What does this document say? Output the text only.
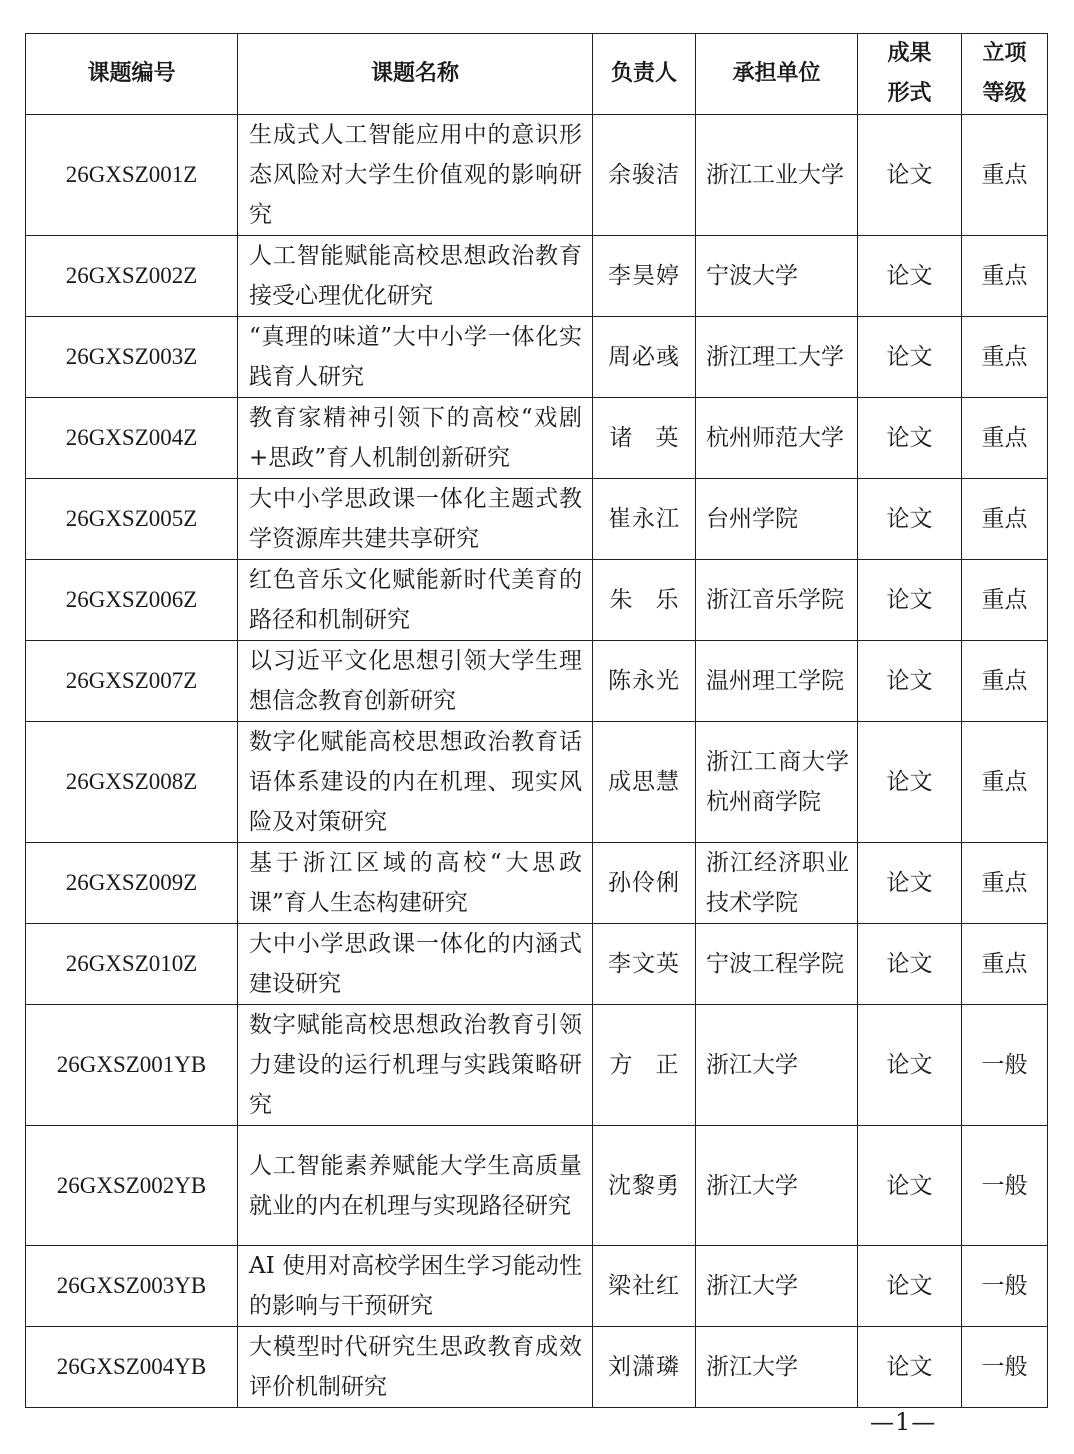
课题编号	课题名称	负责人	承担单位	成果形式	立项等级
26GXSZ001Z	生成式人工智能应用中的意识形态风险对大学生价值观的影响研究	余骏洁	浙江工业大学	论文	重点
26GXSZ002Z	人工智能赋能高校思想政治教育接受心理优化研究	李昊婷	宁波大学	论文	重点
26GXSZ003Z	“真理的味道”大中小学一体化实践育人研究	周必彧	浙江理工大学	论文	重点
26GXSZ004Z	教育家精神引领下的高校“戏剧+思政”育人机制创新研究	诸　英	杭州师范大学	论文	重点
26GXSZ005Z	大中小学思政课一体化主题式教学资源库共建共享研究	崔永江	台州学院	论文	重点
26GXSZ006Z	红色音乐文化赋能新时代美育的路径和机制研究	朱　乐	浙江音乐学院	论文	重点
26GXSZ007Z	以习近平文化思想引领大学生理想信念教育创新研究	陈永光	温州理工学院	论文	重点
26GXSZ008Z	数字化赋能高校思想政治教育话语体系建设的内在机理、现实风险及对策研究	成思慧	浙江工商大学杭州商学院	论文	重点
26GXSZ009Z	基于浙江区域的高校“大思政课”育人生态构建研究	孙伶俐	浙江经济职业技术学院	论文	重点
26GXSZ010Z	大中小学思政课一体化的内涵式建设研究	李文英	宁波工程学院	论文	重点
26GXSZ001YB	数字赋能高校思想政治教育引领力建设的运行机理与实践策略研究	方　正	浙江大学	论文	一般
26GXSZ002YB	人工智能素养赋能大学生高质量就业的内在机理与实现路径研究	沈黎勇	浙江大学	论文	一般
26GXSZ003YB	AI 使用对高校学困生学习能动性的影响与干预研究	梁社红	浙江大学	论文	一般
26GXSZ004YB	大模型时代研究生思政教育成效评价机制研究	刘潇璘	浙江大学	论文	一般
—1—
